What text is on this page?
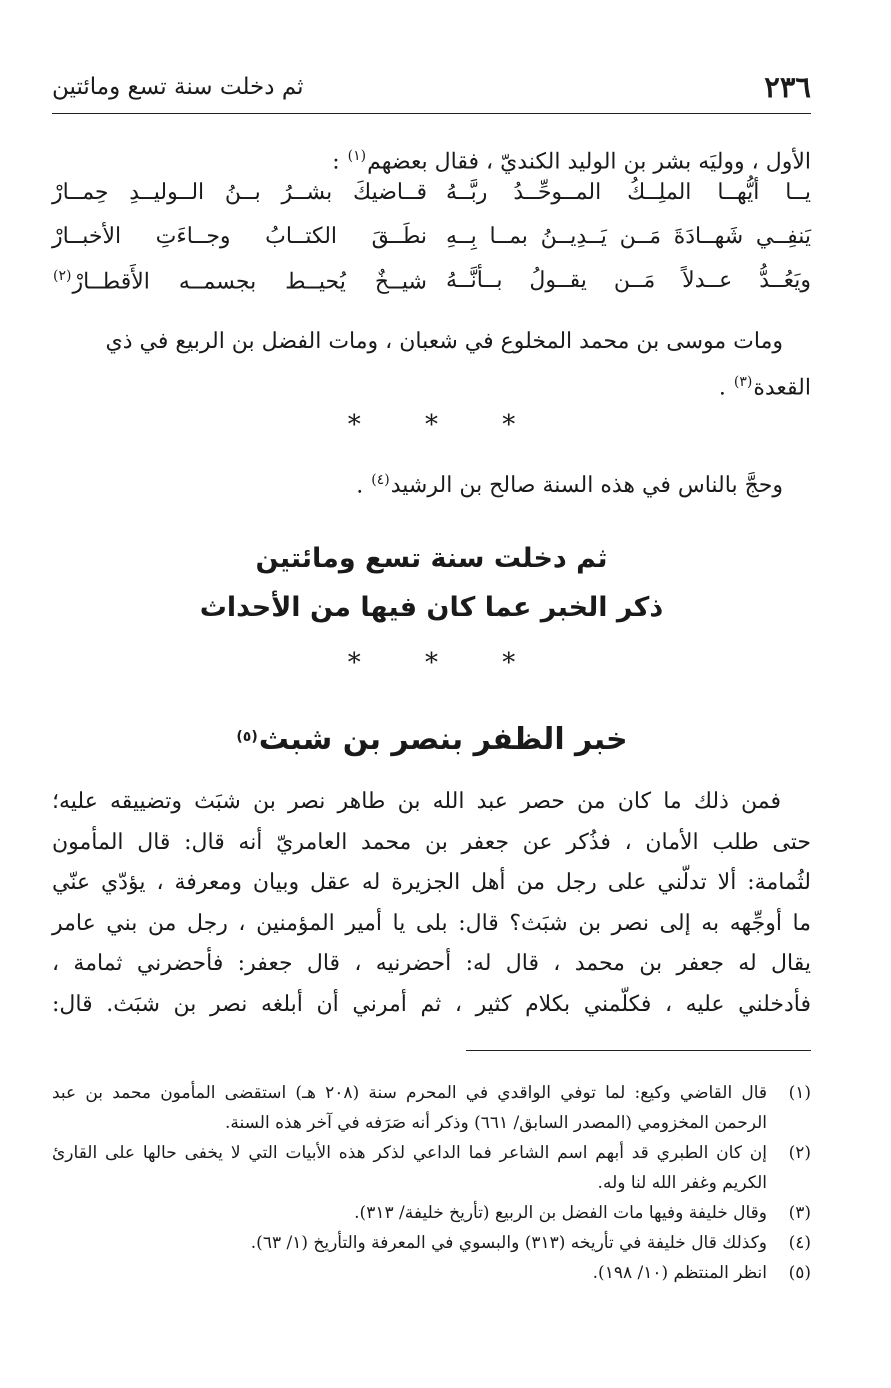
٢٣٦
ثم دخلت سنة تسع ومائتين
الأول ، ووليَه بشر بن الوليد الكنديّ ، فقال بعضهم$^{(١)}$ :
يــا أيُّهــا الملِــكُ المــوحِّــدُ ربَّــهُ
قــاضيكَ بشــرُ بــنُ الــوليــدِ حِمــارْ
يَنفِــي شَهــادَةَ مَــن يَــدِيــنُ بمــا بِــهِ
نطَــقَ الكتــابُ وجــاءَتِ الأخبــارْ
ويَعُــدُّ عــدلاً مَــن يقــولُ بــأنَّــهُ
شيــخٌ يُحيــط بجسمــه الأَقطــارْ$^{(٢)}$
ومات موسى بن محمد المخلوع في شعبان ، ومات الفضل بن الربيع في ذي
القعدة$^{(٣)}$ .
* * *
وحجَّ بالناس في هذه السنة صالح بن الرشيد$^{(٤)}$ .
ثم دخلت سنة تسع ومائتين
ذكر الخبر عما كان فيها من الأحداث
* * *
خبر الظفر بنصر بن شبث$^{(٥)}$
فمن ذلك ما كان من حصر عبد الله بن طاهر نصر بن شبَث وتضييقه عليه؛
حتى طلب الأمان ، فذُكر عن جعفر بن محمد العامريّ أنه قال: قال المأمون
لثُمامة: ألا تدلّني على رجل من أهل الجزيرة له عقل وبيان ومعرفة ، يؤدّي عنّي
ما أوجِّهه به إلى نصر بن شبَث؟ قال: بلى يا أمير المؤمنين ، رجل من بني عامر
يقال له جعفر بن محمد ، قال له: أحضرنيه ، قال جعفر: فأحضرني ثمامة ،
فأدخلني عليه ، فكلّمني بكلام كثير ، ثم أمرني أن أبلغه نصر بن شبَث. قال:
(١)
قال القاضي وكيع: لما توفي الواقدي في المحرم سنة (٢٠٨ هـ) استقضى المأمون محمد بن عبد الرحمن المخزومي (المصدر السابق/ ٦٦١) وذكر أنه صَرَفه في آخر هذه السنة.
(٢)
إن كان الطبري قد أبهم اسم الشاعر فما الداعي لذكر هذه الأبيات التي لا يخفى حالها على القارئ الكريم وغفر الله لنا وله.
(٣)
وقال خليفة وفيها مات الفضل بن الربيع (تأريخ خليفة/ ٣١٣).
(٤)
وكذلك قال خليفة في تأريخه (٣١٣) والبسوي في المعرفة والتأريخ (١/ ٦٣).
(٥)
انظر المنتظم (١٠/ ١٩٨).
